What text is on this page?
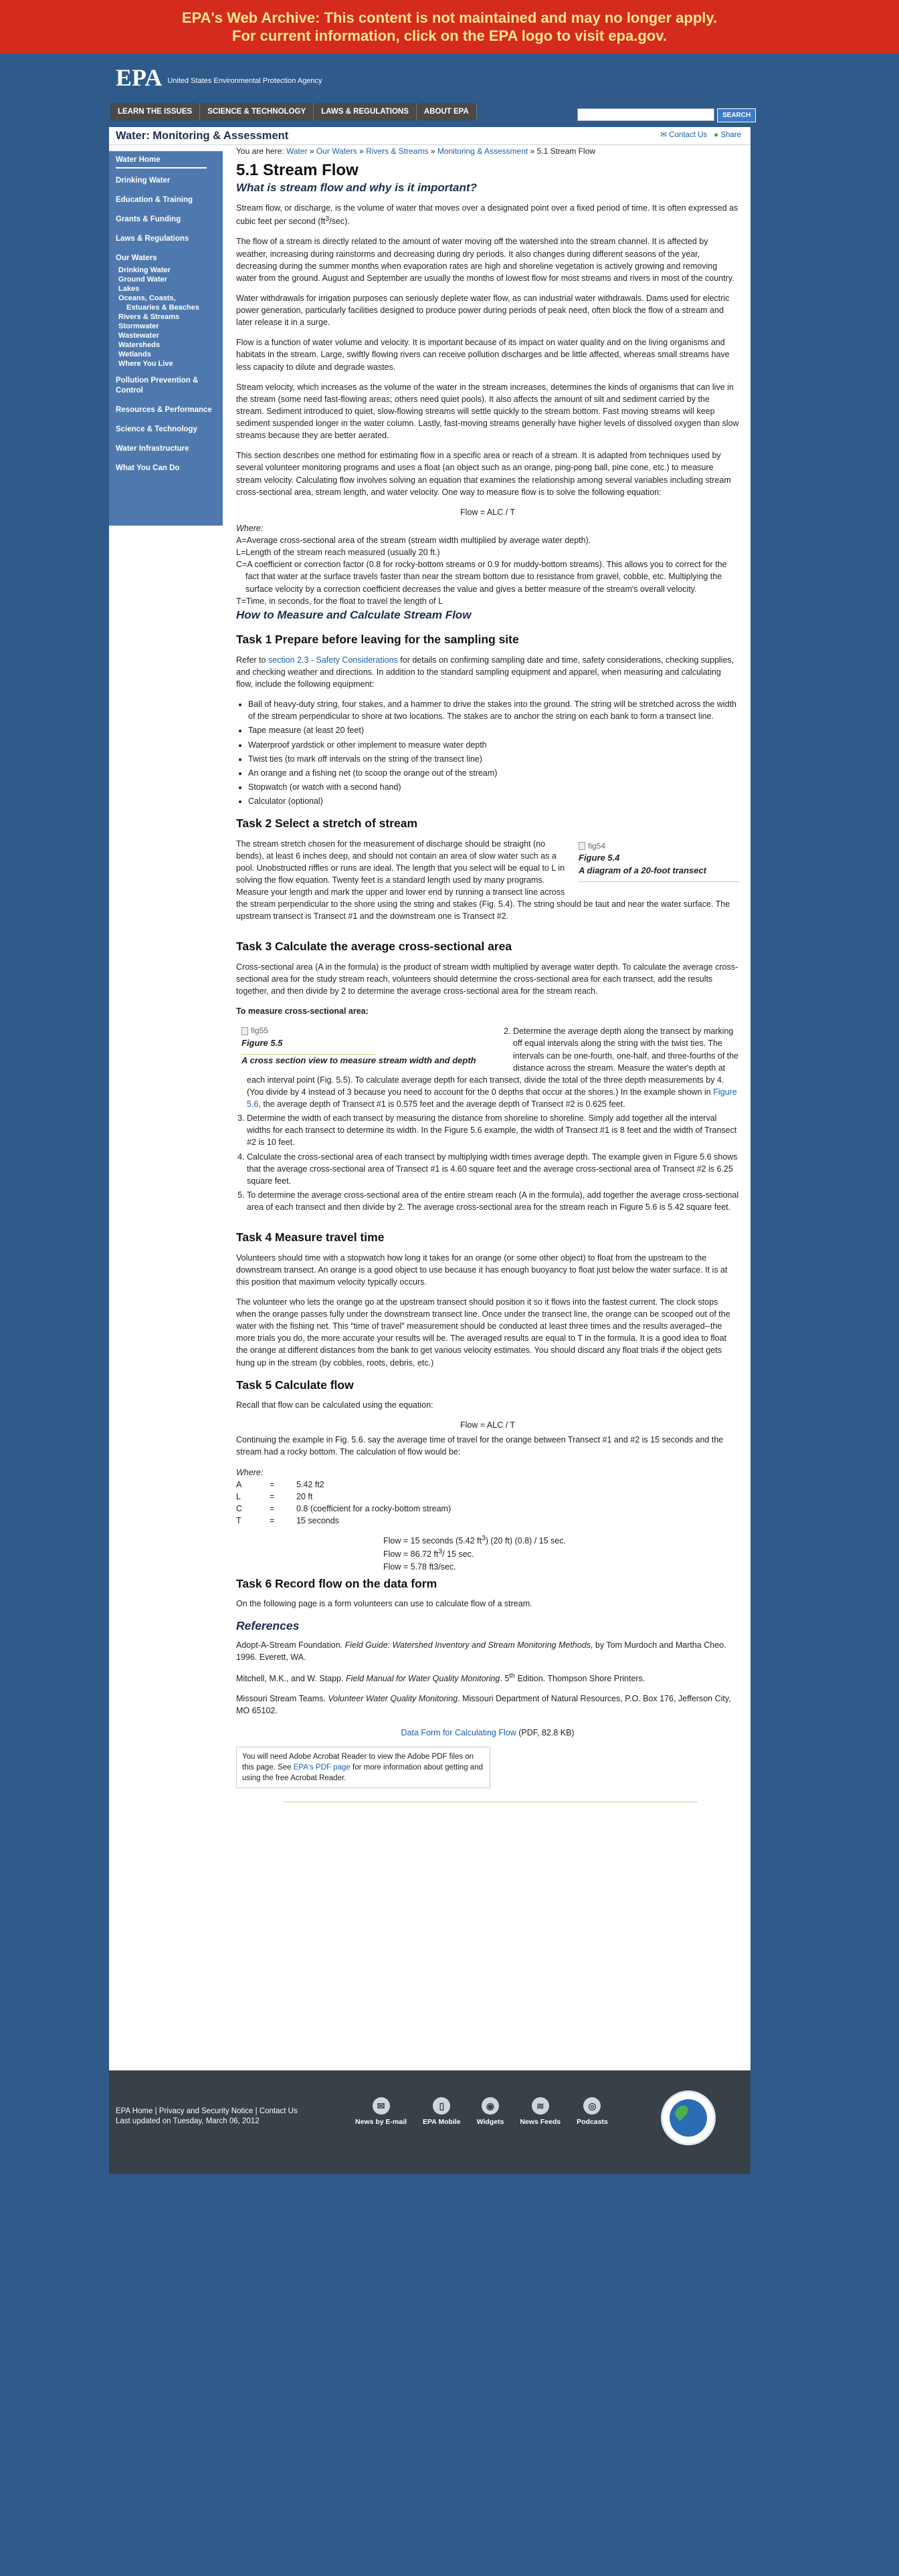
EPA's Web Archive: This content is not maintained and may no longer apply.
For current information, click on the EPA logo to visit epa.gov.
EPA United States Environmental Protection Agency
LEARN THE ISSUES	SCIENCE & TECHNOLOGY	LAWS & REGULATIONS	ABOUT EPA	SEARCH
Water: Monitoring & Assessment	✉ Contact Us ● Share
Water Home
Drinking Water
Education & Training
Grants & Funding
Laws & Regulations
Our Waters
Drinking Water
Ground Water
Lakes
Oceans, Coasts,
Estuaries & Beaches
Rivers & Streams
Stormwater
Wastewater
Watersheds
Wetlands
Where You Live
Pollution Prevention & Control
Resources & Performance
Science & Technology
Water Infrastructure
What You Can Do
You are here: Water » Our Waters » Rivers & Streams » Monitoring & Assessment » 5.1 Stream Flow
5.1 Stream Flow
What is stream flow and why is it important?

Stream flow, or discharge, is the volume of water that moves over a designated point over a fixed period of time. It is often expressed as cubic feet per second $(ft^3/\sec)$.

The flow of a stream is directly related to the amount of water moving off the watershed into the stream channel. It is affected by weather, increasing during rainstorms and decreasing during dry periods. It also changes during different seasons of the year, decreasing during the summer months when evaporation rates are high and shoreline vegetation is actively growing and removing water from the ground. August and September are usually the months of lowest flow for most streams and rivers in most of the country.

Water withdrawals for irrigation purposes can seriously deplete water flow, as can industrial water withdrawals. Dams used for electric power generation, particularly facilities designed to produce power during periods of peak need, often block the flow of a stream and later release it in a surge.

Flow is a function of water volume and velocity. It is important because of its impact on water quality and on the living organisms and habitats in the stream. Large, swiftly flowing rivers can receive pollution discharges and be little affected, whereas small streams have less capacity to dilute and degrade wastes.

Stream velocity, which increases as the volume of the water in the stream increases, determines the kinds of organisms that can live in the stream (some need fast-flowing areas; others need quiet pools). It also affects the amount of silt and sediment carried by the stream. Sediment introduced to quiet, slow-flowing streams will settle quickly to the stream bottom. Fast moving streams will keep sediment suspended longer in the water column. Lastly, fast-moving streams generally have higher levels of dissolved oxygen than slow streams because they are better aerated.

This section describes one method for estimating flow in a specific area or reach of a stream. It is adapted from techniques used by several volunteer monitoring programs and uses a float (an object such as an orange, ping-pong ball, pine cone, etc.) to measure stream velocity. Calculating flow involves solving an equation that examines the relationship among several variables including stream cross-sectional area, stream length, and water velocity. One way to measure flow is to solve the following equation:

Flow = ALC / T
Where:
A=Average cross-sectional area of the stream (stream width multiplied by average water depth).
L=Length of the stream reach measured (usually 20 ft.)
C=A coefficient or correction factor (0.8 for rocky-bottom streams or 0.9 for muddy-bottom streams). This allows you to correct for the fact that water at the surface travels faster than near the stream bottom due to resistance from gravel, cobble, etc. Multiplying the surface velocity by a correction coefficient decreases the value and gives a better measure of the stream's overall velocity.
T=Time, in seconds, for the float to travel the length of L
How to Measure and Calculate Stream Flow
Task 1 Prepare before leaving for the sampling site

Refer to section 2.3 - Safety Considerations for details on confirming sampling date and time, safety considerations, checking supplies, and checking weather and directions. In addition to the standard sampling equipment and apparel, when measuring and calculating flow, include the following equipment:

• Ball of heavy-duty string, four stakes, and a hammer to drive the stakes into the ground. The string will be stretched across the width of the stream perpendicular to shore at two locations. The stakes are to anchor the string on each bank to form a transect line.
• Tape measure (at least 20 feet)
• Waterproof yardstick or other implement to measure water depth
• Twist ties (to mark off intervals on the string of the transect line)
• An orange and a fishing net (to scoop the orange out of the stream)
• Stopwatch (or watch with a second hand)
• Calculator (optional)
Task 2 Select a stretch of stream
fig54
Figure 5.4
A diagram of a 20-foot transect

The stream stretch chosen for the measurement of discharge should be straight (no bends), at least 6 inches deep, and should not contain an area of slow water such as a pool. Unobstructed riffles or runs are ideal. The length that you select will be equal to L in solving the flow equation. Twenty feet is a standard length used by many programs. Measure your length and mark the upper and lower end by running a transect line across the stream perpendicular to the shore using the string and stakes (Fig. 5.4). The string should be taut and near the water surface. The upstream transect is Transect #1 and the downstream one is Transect #2.

Task 3 Calculate the average cross-sectional area

Cross-sectional area (A in the formula) is the product of stream width multiplied by average water depth. To calculate the average cross-sectional area for the study stream reach, volunteers should determine the cross-sectional area for each transect, add the results together, and then divide by 2 to determine the average cross-sectional area for the stream reach.

To measure cross-sectional area:

fig55
Figure 5.5
A cross section view to measure stream width and depth
2. Determine the average depth along the transect by marking off equal intervals along the string with the twist ties. The intervals can be one-fourth, one-half, and three-fourths of the distance across the stream. Measure the water's depth at each interval point (Fig. 5.5). To calculate average depth for each transect, divide the total of the three depth measurements by 4. (You divide by 4 instead of 3 because you need to account for the 0 depths that occur at the shores.) In the example shown in Figure 5.6, the average depth of Transect #1 is 0.575 feet and the average depth of Transect #2 is 0.625 feet.
3. Determine the width of each transect by measuring the distance from shoreline to shoreline. Simply add together all the interval widths for each transect to determine its width. In the Figure 5.6 example, the width of Transect #1 is 8 feet and the width of Transect #2 is 10 feet.
4. Calculate the cross-sectional area of each transect by multiplying width times average depth. The example given in Figure 5.6 shows that the average cross-sectional area of Transect #1 is 4.60 square feet and the average cross-sectional area of Transect #2 is 6.25 square feet.
5. To determine the average cross-sectional area of the entire stream reach (A in the formula), add together the average cross-sectional area of each transect and then divide by 2. The average cross-sectional area for the stream reach in Figure 5.6 is 5.42 square feet.
Task 4 Measure travel time

Volunteers should time with a stopwatch how long it takes for an orange (or some other object) to float from the upstream to the downstream transect. An orange is a good object to use because it has enough buoyancy to float just below the water surface. It is at this position that maximum velocity typically occurs.

The volunteer who lets the orange go at the upstream transect should position it so it flows into the fastest current. The clock stops when the orange passes fully under the downstream transect line. Once under the transect line, the orange can be scooped out of the water with the fishing net. This "time of travel" measurement should be conducted at least three times and the results averaged--the more trials you do, the more accurate your results will be. The averaged results are equal to T in the formula. It is a good idea to float the orange at different distances from the bank to get various velocity estimates. You should discard any float trials if the object gets hung up in the stream (by cobbles, roots, debris, etc.)

Task 5 Calculate flow

Recall that flow can be calculated using the equation:

Flow = ALC / T

Continuing the example in Fig. 5.6. say the average time of travel for the orange between Transect #1 and #2 is 15 seconds and the stream had a rocky bottom. The calculation of flow would be:

Where:
A	=	5.42 ft2
L	=	20 ft
C	=	0.8 (coefficient for a rocky-bottom stream)
T	=	15 seconds
Flow = 15 seconds (5.42 $ft^3$) (20 ft) (0.8) / 15 sec.
Flow = 86.72 $ft^3/$ 15 sec.
Flow = 5.78 ft3/sec.
Task 6 Record flow on the data form

On the following page is a form volunteers can use to calculate flow of a stream.

References

Adopt-A-Stream Foundation. Field Guide: Watershed Inventory and Stream Monitoring Methods, by Tom Murdoch and Martha Cheo. 1996. Everett, WA.

Mitchell, M.K., and W. Stapp. Field Manual for Water Quality Monitoring. 5th Edition. Thompson Shore Printers.

Missouri Stream Teams. Volunteer Water Quality Monitoring. Missouri Department of Natural Resources, P.O. Box 176, Jefferson City, MO 65102.

Data Form for Calculating Flow (PDF, 82.8 KB)
You will need Adobe Acrobat Reader to view the Adobe PDF files on this page. See EPA's PDF page for more information about getting and using the free Acrobat Reader.
EPA Home | Privacy and Security Notice | Contact Us
Last updated on Tuesday, March 06, 2012
✉
News by E-mail
▯
EPA Mobile
◉
Widgets
≋
News Feeds
◎
Podcasts
